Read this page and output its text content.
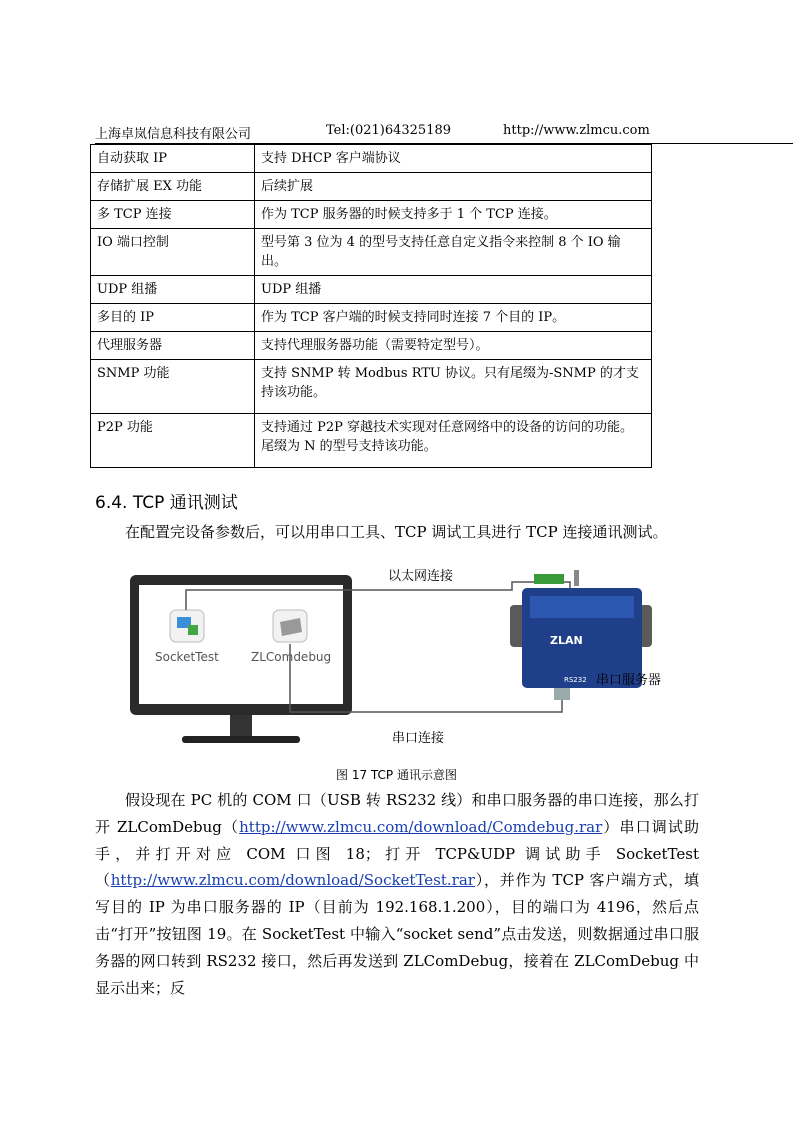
上海卓岚信息科技有限公司	Tel:(021)64325189	http://www.zlmcu.com
自动获取 IP	支持 DHCP 客户端协议
存储扩展 EX 功能	后续扩展
多 TCP 连接	作为 TCP 服务器的时候支持多于 1 个 TCP 连接。
IO 端口控制	型号第 3 位为 4 的型号支持任意自定义指令来控制 8 个 IO 输出。
UDP 组播	UDP 组播
多目的 IP	作为 TCP 客户端的时候支持同时连接 7 个目的 IP。
代理服务器	支持代理服务器功能（需要特定型号）。
SNMP 功能	支持 SNMP 转 Modbus RTU 协议。只有尾缀为-SNMP 的才支持该功能。
P2P 功能	支持通过 P2P 穿越技术实现对任意网络中的设备的访问的功能。尾缀为 N 的型号支持该功能。
6.4. TCP 通讯测试
在配置完设备参数后，可以用串口工具、TCP 调试工具进行 TCP 连接通讯测试。
SocketTest	ZLComdebug
以太网连接
串口连接
ZLAN
RS232 串口服务器
图 17 TCP 通讯示意图
假设现在 PC 机的 COM 口（USB 转 RS232 线）和串口服务器的串口连接，那么打开 ZLComDebug（http://www.zlmcu.com/download/Comdebug.rar）串口调试助手，并打开对应 COM 口图 18；打开 TCP&UDP 调试助手 SocketTest（http://www.zlmcu.com/download/SocketTest.rar），并作为 TCP 客户端方式，填写目的 IP 为串口服务器的 IP（目前为 192.168.1.200），目的端口为 4196，然后点击“打开”按钮图 19。在 SocketTest 中输入“socket send”点击发送，则数据通过串口服务器的网口转到 RS232 接口，然后再发送到 ZLComDebug，接着在 ZLComDebug 中显示出来；反
